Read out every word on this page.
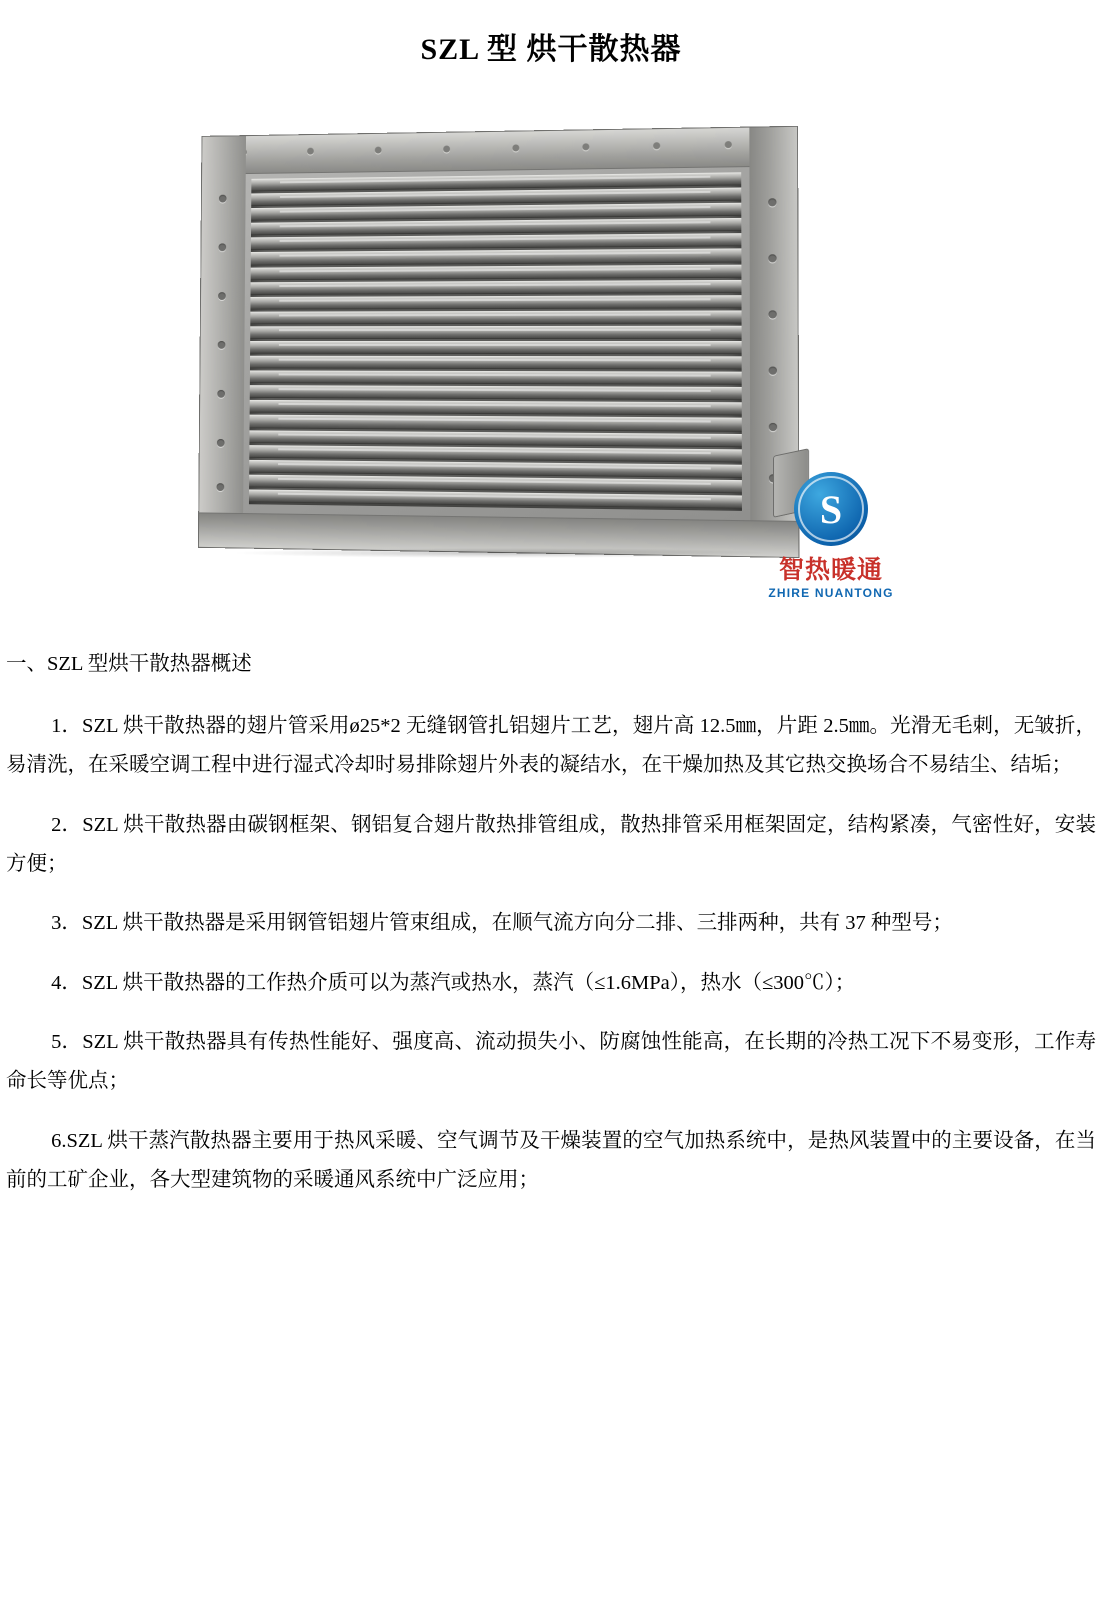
SZL 型 烘干散热器
S
智热暖通
ZHIRE NUANTONG
一、SZL 型烘干散热器概述

1．SZL 烘干散热器的翅片管采用ø25*2 无缝钢管扎铝翅片工艺，翅片高 12.5㎜，片距 2.5㎜。光滑无毛刺，无皱折，易清洗，在采暖空调工程中进行湿式冷却时易排除翅片外表的凝结水，在干燥加热及其它热交换场合不易结尘、结垢；

2．SZL 烘干散热器由碳钢框架、钢铝复合翅片散热排管组成，散热排管采用框架固定，结构紧凑，气密性好，安装方便；

3．SZL 烘干散热器是采用钢管铝翅片管束组成，在顺气流方向分二排、三排两种，共有 37 种型号；

4．SZL 烘干散热器的工作热介质可以为蒸汽或热水，蒸汽（≤1.6MPa），热水（≤300℃）；

5．SZL 烘干散热器具有传热性能好、强度高、流动损失小、防腐蚀性能高，在长期的冷热工况下不易变形，工作寿命长等优点；

6.SZL 烘干蒸汽散热器主要用于热风采暖、空气调节及干燥装置的空气加热系统中，是热风装置中的主要设备，在当前的工矿企业，各大型建筑物的采暖通风系统中广泛应用；
